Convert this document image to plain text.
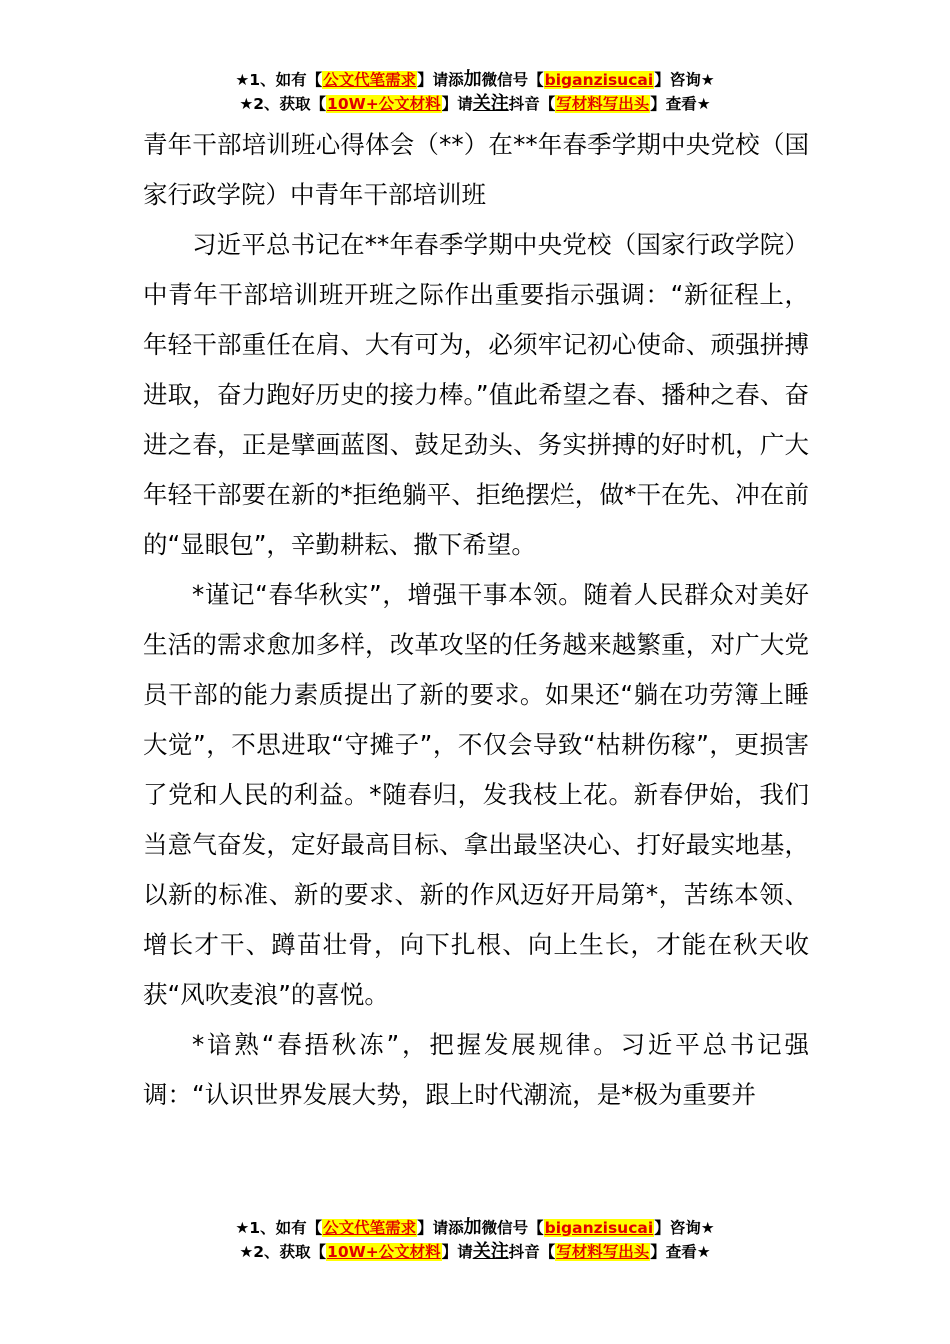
★1、如有【公文代笔需求】请添加微信号【biganzisucai】咨询★
★2、获取【10W+公文材料】请关注抖音【写材料写出头】查看★

青年干部培训班心得体会（**）在**年春季学期中央党校（国家行政学院）中青年干部培训班

习近平总书记在**年春季学期中央党校（国家行政学院）中青年干部培训班开班之际作出重要指示强调：“新征程上，年轻干部重任在肩、大有可为，必须牢记初心使命、顽强拼搏进取，奋力跑好历史的接力棒。”值此希望之春、播种之春、奋进之春，正是擘画蓝图、鼓足劲头、务实拼搏的好时机，广大年轻干部要在新的*拒绝躺平、拒绝摆烂，做*干在先、冲在前的“显眼包”，辛勤耕耘、撒下希望。

*谨记“春华秋实”，增强干事本领。随着人民群众对美好生活的需求愈加多样，改革攻坚的任务越来越繁重，对广大党员干部的能力素质提出了新的要求。如果还“躺在功劳簿上睡大觉”，不思进取“守摊子”，不仅会导致“枯耕伤稼”，更损害了党和人民的利益。*随春归，发我枝上花。新春伊始，我们当意气奋发，定好最高目标、拿出最坚决心、打好最实地基，以新的标准、新的要求、新的作风迈好开局第*，苦练本领、增长才干、蹲苗壮骨，向下扎根、向上生长，才能在秋天收获“风吹麦浪”的喜悦。

*谙熟“春捂秋冻”，把握发展规律。习近平总书记强调：“认识世界发展大势，跟上时代潮流，是*极为重要并

★1、如有【公文代笔需求】请添加微信号【biganzisucai】咨询★
★2、获取【10W+公文材料】请关注抖音【写材料写出头】查看★
